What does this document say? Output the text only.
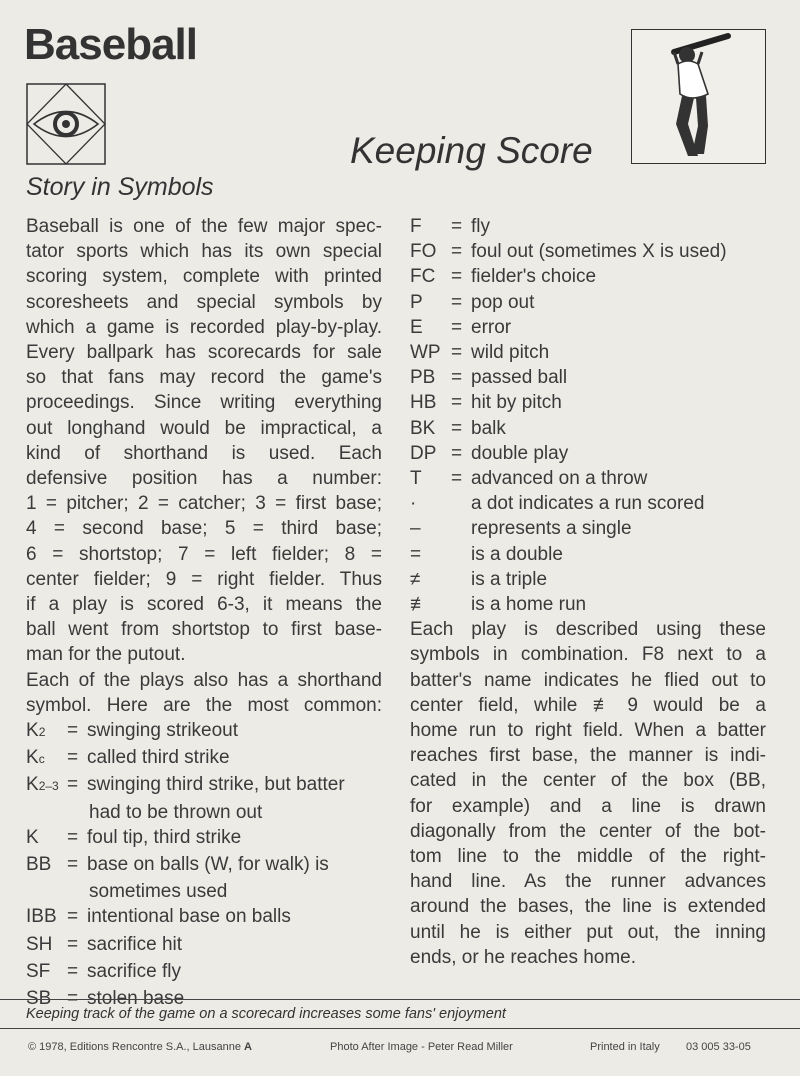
Baseball
Keeping Score
Story in Symbols
Baseball is one of the few major spec-
tator sports which has its own special
scoring system, complete with printed
scoresheets and special symbols by
which a game is recorded play-by-play.
Every ballpark has scorecards for sale
so that fans may record the game's
proceedings. Since writing everything
out longhand would be impractical, a
kind of shorthand is used. Each
defensive position has a number:
1 = pitcher; 2 = catcher; 3 = first base;
4 = second base; 5 = third base;
6 = shortstop; 7 = left fielder; 8 =
center fielder; 9 = right fielder. Thus
if a play is scored 6-3, it means the
ball went from shortstop to first base-
man for the putout.
Each of the plays also has a shorthand
symbol. Here are the most common:
K2	= swinging strikeout
Kc	= called third strike
K2–3 = swinging third strike, but batter
had to be thrown out
K	= foul tip, third strike
BB = base on balls (W, for walk) is
sometimes used
IBB = intentional base on balls
SH = sacrifice hit
SF = sacrifice fly
SB = stolen base
F	= fly
FO = foul out (sometimes X is used)
FC = fielder's choice
P	= pop out
E	= error
WP = wild pitch
PB = passed ball
HB = hit by pitch
BK = balk
DP = double play
T	= advanced on a throw
·	a dot indicates a run scored
–	represents a single
=	is a double
≠	is a triple
≢	is a home run
Each play is described using these
symbols in combination. F8 next to a
batter's name indicates he flied out to
center field, while ≢ 9 would be a
home run to right field. When a batter
reaches first base, the manner is indi-
cated in the center of the box (BB,
for example) and a line is drawn
diagonally from the center of the bot-
tom line to the middle of the right-
hand line. As the runner advances
around the bases, the line is extended
until he is either put out, the inning
ends, or he reaches home.
Keeping track of the game on a scorecard increases some fans' enjoyment
© 1978, Editions Rencontre S.A., Lausanne A	Photo After Image - Peter Read Miller	Printed in Italy 03 005 33-05
